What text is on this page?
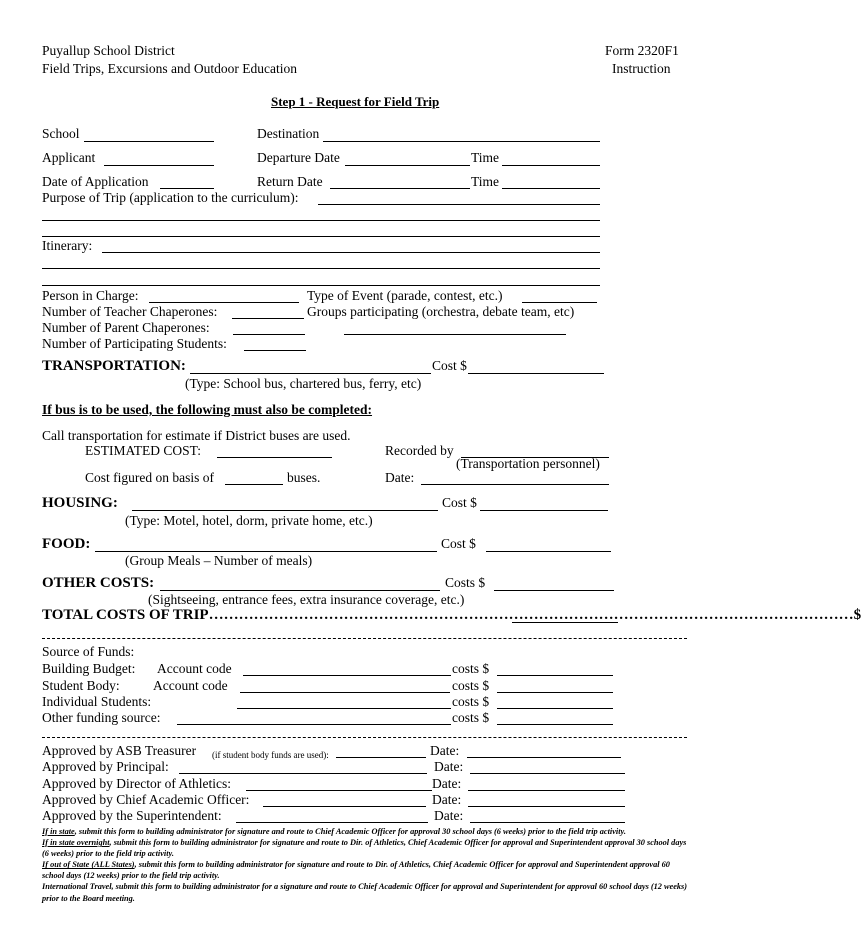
Puyallup School District
Field Trips, Excursions and Outdoor Education
Form 2320F1
Instruction
Step 1 - Request for Field Trip
School	Destination
Applicant	Departure Date	Time
Date of Application	Return Date	Time
Purpose of Trip (application to the curriculum):
Itinerary:
Person in Charge:	Type of Event (parade, contest, etc.)
Number of Teacher Chaperones:	Groups participating (orchestra, debate team, etc)
Number of Parent Chaperones:
Number of Participating Students:
TRANSPORTATION:	Cost $
(Type: School bus, chartered bus, ferry, etc)
If bus is to be used, the following must also be completed:
Call transportation for estimate if District buses are used.
ESTIMATED COST:	Recorded by
(Transportation personnel)
Cost figured on basis of	buses.	Date:
HOUSING:	Cost $
(Type: Motel, hotel, dorm, private home, etc.)
FOOD:	Cost $
(Group Meals – Number of meals)
OTHER COSTS:	Costs $
(Sightseeing, entrance fees, extra insurance coverage, etc.)
TOTAL COSTS OF TRIP…………………………………………………………………………………………………………………$
Source of Funds:
Building Budget: Account code	costs $
Student Body: Account code	costs $
Individual Students:	costs $
Other funding source:	costs $
Approved by ASB Treasurer (if student body funds are used):	Date:
Approved by Principal:	Date:
Approved by Director of Athletics:	Date:
Approved by Chief Academic Officer:	Date:
Approved by the Superintendent:	Date:
If in state, submit this form to building administrator for signature and route to Chief Academic Officer for approval 30 school days (6 weeks) prior to the field trip activity.
If in state overnight, submit this form to building administrator for signature and route to Dir. of Athletics, Chief Academic Officer for approval and Superintendent approval 30 school days (6 weeks) prior to the field trip activity.
If out of State (ALL States), submit this form to building administrator for signature and route to Dir. of Athletics, Chief Academic Officer for approval and Superintendent approval 60 school days (12 weeks) prior to the field trip activity.
International Travel, submit this form to building administrator for a signature and route to Chief Academic Officer for approval and Superintendent for approval 60 school days (12 weeks) prior to the Board meeting.
